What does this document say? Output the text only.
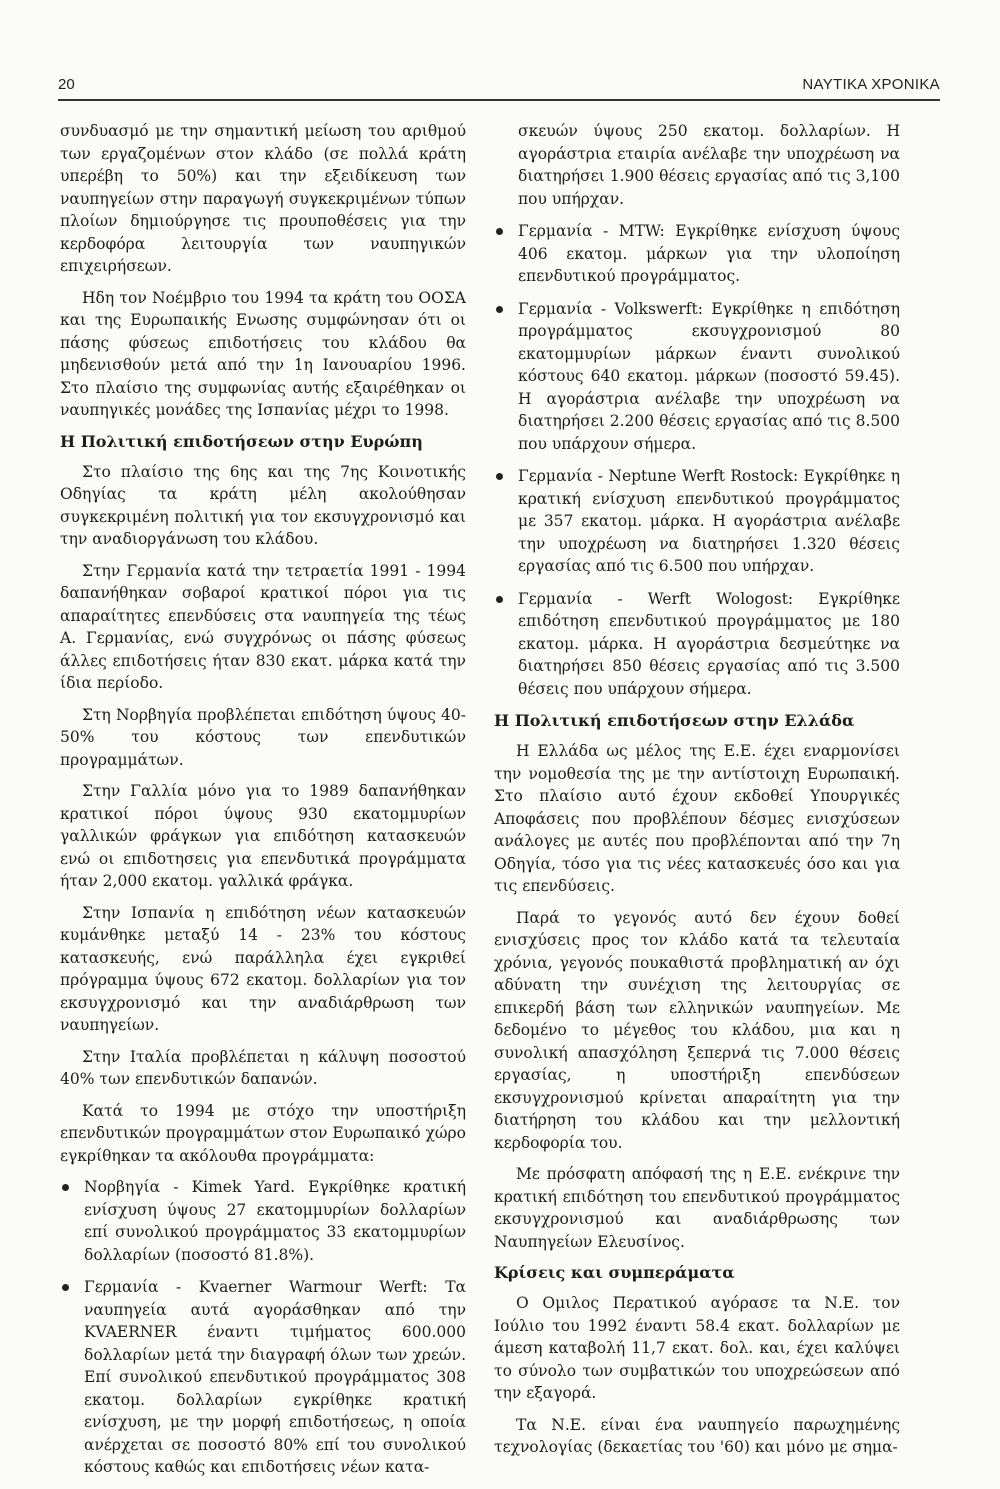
20	ΝΑΥΤΙΚΑ ΧΡΟΝΙΚΑ

συνδυασμό με την σημαντική μείωση του αριθμού των εργαζομένων στον κλάδο (σε πολλά κράτη υπερέβη το 50%) και την εξειδίκευση των ναυπηγείων στην παραγωγή συγκεκριμένων τύπων πλοίων δημιούργησε τις προυποθέσεις για την κερδοφόρα λειτουργία των ναυπηγικών επιχειρήσεων.

Ηδη τον Νοέμβριο του 1994 τα κράτη του ΟΟΣΑ και της Ευρωπαικής Ενωσης συμφώνησαν ότι οι πάσης φύσεως επιδοτήσεις του κλάδου θα μηδενισθούν μετά από την 1η Ιανουαρίου 1996. Στο πλαίσιο της συμφωνίας αυτής εξαιρέθηκαν οι ναυπηγικές μονάδες της Ισπανίας μέχρι το 1998.

Η Πολιτική επιδοτήσεων στην Ευρώπη

Στο πλαίσιο της 6ης και της 7ης Κοινοτικής Οδηγίας τα κράτη μέλη ακολούθησαν συγκεκριμένη πολιτική για τον εκσυγχρονισμό και την αναδιοργάνωση του κλάδου.

Στην Γερμανία κατά την τετραετία 1991 - 1994 δαπανήθηκαν σοβαροί κρατικοί πόροι για τις απαραίτητες επενδύσεις στα ναυπηγεία της τέως Α. Γερμανίας, ενώ συγχρόνως οι πάσης φύσεως άλλες επιδοτήσεις ήταν 830 εκατ. μάρκα κατά την ίδια περίοδο.

Στη Νορβηγία προβλέπεται επιδότηση ύψους 40-50% του κόστους των επενδυτικών προγραμμάτων.

Στην Γαλλία μόνο για το 1989 δαπανήθηκαν κρατικοί πόροι ύψους 930 εκατομμυρίων γαλλικών φράγκων για επιδότηση κατασκευών ενώ οι επιδοτησεις για επενδυτικά προγράμματα ήταν 2,000 εκατομ. γαλλικά φράγκα.

Στην Ισπανία η επιδότηση νέων κατασκευών κυμάνθηκε μεταξύ 14 - 23% του κόστους κατασκευής, ενώ παράλληλα έχει εγκριθεί πρόγραμμα ύψους 672 εκατομ. δολλαρίων για τον εκσυγχρονισμό και την αναδιάρθρωση των ναυπηγείων.

Στην Ιταλία προβλέπεται η κάλυψη ποσοστού 40% των επενδυτικών δαπανών.

Κατά το 1994 με στόχο την υποστήριξη επενδυτικών προγραμμάτων στον Ευρωπαικό χώρο εγκρίθηκαν τα ακόλουθα προγράμματα:

Νορβηγία - Kimek Yard. Εγκρίθηκε κρατική ενίσχυση ύψους 27 εκατομμυρίων δολλαρίων επί συνολικού προγράμματος 33 εκατομμυρίων δολλαρίων (ποσοστό 81.8%).
Γερμανία - Kvaerner Warmour Werft: Τα ναυπηγεία αυτά αγοράσθηκαν από την KVAERNER έναντι τιμήματος 600.000 δολλαρίων μετά την διαγραφή όλων των χρεών. Επί συνολικού επενδυτικού προγράμματος 308 εκατομ. δολλαρίων εγκρίθηκε κρατική ενίσχυση, με την μορφή επιδοτήσεως, η οποία ανέρχεται σε ποσοστό 80% επί του συνολικού κόστους καθώς και επιδοτήσεις νέων κατα-
σκευών ύψους 250 εκατομ. δολλαρίων. Η αγοράστρια εταιρία ανέλαβε την υποχρέωση να διατηρήσει 1.900 θέσεις εργασίας από τις 3,100 που υπήρχαν.
Γερμανία - MTW: Εγκρίθηκε ενίσχυση ύψους 406 εκατομ. μάρκων για την υλοποίηση επενδυτικού προγράμματος.
Γερμανία - Volkswerft: Εγκρίθηκε η επιδότηση προγράμματος εκσυγχρονισμού 80 εκατομμυρίων μάρκων έναντι συνολικού κόστους 640 εκατομ. μάρκων (ποσοστό 59.45). Η αγοράστρια ανέλαβε την υποχρέωση να διατηρήσει 2.200 θέσεις εργασίας από τις 8.500 που υπάρχουν σήμερα.
Γερμανία - Neptune Werft Rostock: Εγκρίθηκε η κρατική ενίσχυση επενδυτικού προγράμματος με 357 εκατομ. μάρκα. Η αγοράστρια ανέλαβε την υποχρέωση να διατηρήσει 1.320 θέσεις εργασίας από τις 6.500 που υπήρχαν.
Γερμανία - Werft Wologost: Εγκρίθηκε επιδότηση επενδυτικού προγράμματος με 180 εκατομ. μάρκα. Η αγοράστρια δεσμεύτηκε να διατηρήσει 850 θέσεις εργασίας από τις 3.500 θέσεις που υπάρχουν σήμερα.
Η Πολιτική επιδοτήσεων στην Ελλάδα

Η Ελλάδα ως μέλος της Ε.Ε. έχει εναρμονίσει την νομοθεσία της με την αντίστοιχη Ευρωπαική. Στο πλαίσιο αυτό έχουν εκδοθεί Υπουργικές Αποφάσεις που προβλέπουν δέσμες ενισχύσεων ανάλογες με αυτές που προβλέπονται από την 7η Οδηγία, τόσο για τις νέες κατασκευές όσο και για τις επενδύσεις.

Παρά το γεγονός αυτό δεν έχουν δοθεί ενισχύσεις προς τον κλάδο κατά τα τελευταία χρόνια, γεγονός πουκαθιστά προβληματική αν όχι αδύνατη την συνέχιση της λειτουργίας σε επικερδή βάση των ελληνικών ναυπηγείων. Με δεδομένο το μέγεθος του κλάδου, μια και η συνολική απασχόληση ξεπερνά τις 7.000 θέσεις εργασίας, η υποστήριξη επενδύσεων εκσυγχρονισμού κρίνεται απαραίτητη για την διατήρηση του κλάδου και την μελλοντική κερδοφορία του.

Με πρόσφατη απόφασή της η Ε.Ε. ενέκρινε την κρατική επιδότηση του επενδυτικού προγράμματος εκσυγχρονισμού και αναδιάρθρωσης των Ναυπηγείων Ελευσίνος.

Κρίσεις και συμπεράματα

Ο Ομιλος Περατικού αγόρασε τα Ν.Ε. τον Ιούλιο του 1992 έναντι 58.4 εκατ. δολλαρίων με άμεση καταβολή 11,7 εκατ. δολ. και, έχει καλύψει το σύνολο των συμβατικών του υποχρεώσεων από την εξαγορά.

Τα Ν.Ε. είναι ένα ναυπηγείο παρωχημένης τεχνολογίας (δεκαετίας του '60) και μόνο με σημα-
